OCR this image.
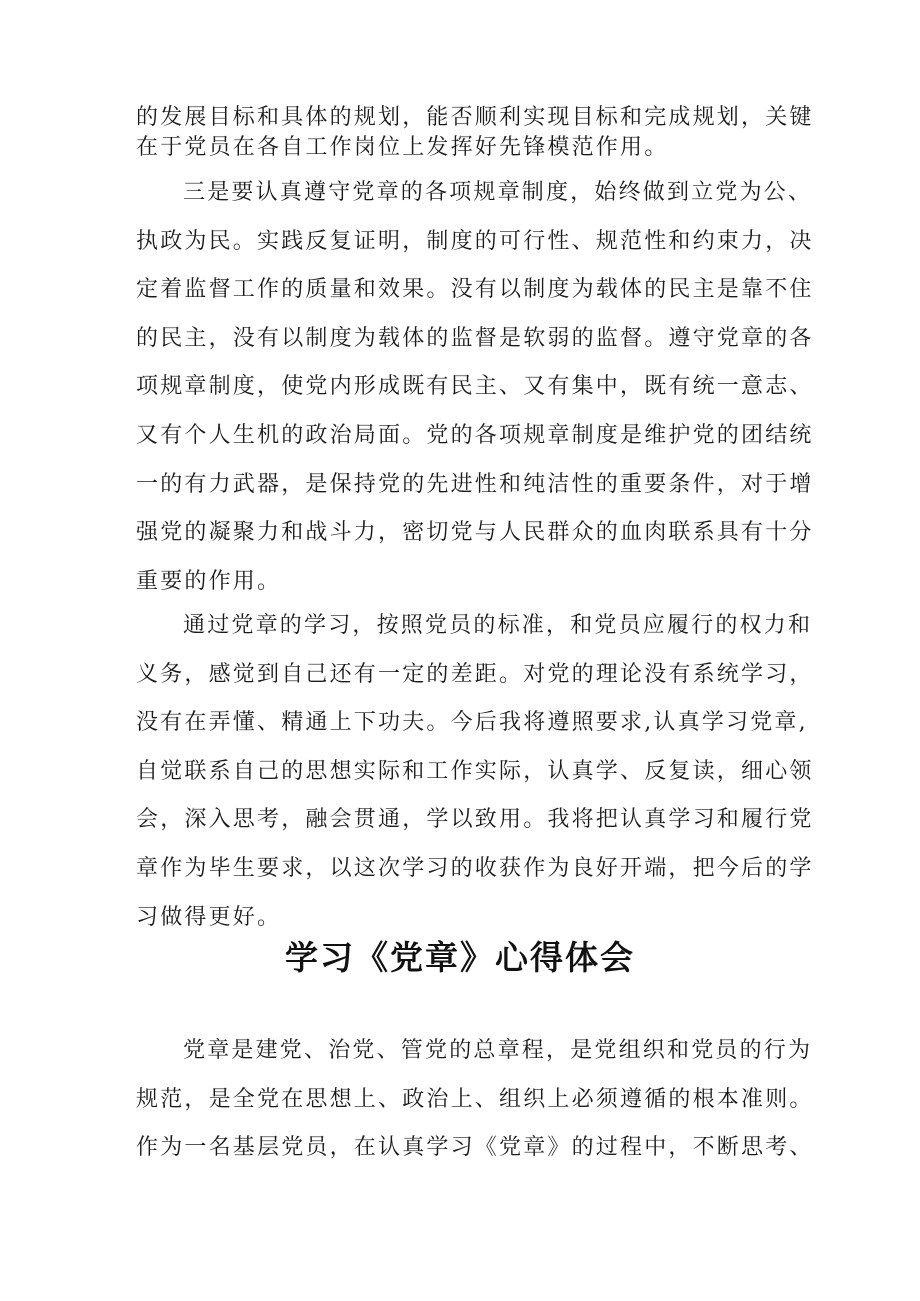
的发展目标和具体的规划，能否顺利实现目标和完成规划，关键
在于党员在各自工作岗位上发挥好先锋模范作用。
三是要认真遵守党章的各项规章制度，始终做到立党为公、
执政为民。实践反复证明，制度的可行性、规范性和约束力，决
定着监督工作的质量和效果。没有以制度为载体的民主是靠不住
的民主，没有以制度为载体的监督是软弱的监督。遵守党章的各
项规章制度，使党内形成既有民主、又有集中，既有统一意志、
又有个人生机的政治局面。党的各项规章制度是维护党的团结统
一的有力武器，是保持党的先进性和纯洁性的重要条件，对于增
强党的凝聚力和战斗力，密切党与人民群众的血肉联系具有十分
重要的作用。
通过党章的学习，按照党员的标准，和党员应履行的权力和
义务，感觉到自己还有一定的差距。对党的理论没有系统学习，
没有在弄懂、精通上下功夫。今后我将遵照要求,认真学习党章,
自觉联系自己的思想实际和工作实际，认真学、反复读，细心领
会，深入思考，融会贯通，学以致用。我将把认真学习和履行党
章作为毕生要求，以这次学习的收获作为良好开端，把今后的学
习做得更好。
学习《党章》心得体会
党章是建党、治党、管党的总章程，是党组织和党员的行为
规范，是全党在思想上、政治上、组织上必须遵循的根本准则。
作为一名基层党员，在认真学习《党章》的过程中，不断思考、
